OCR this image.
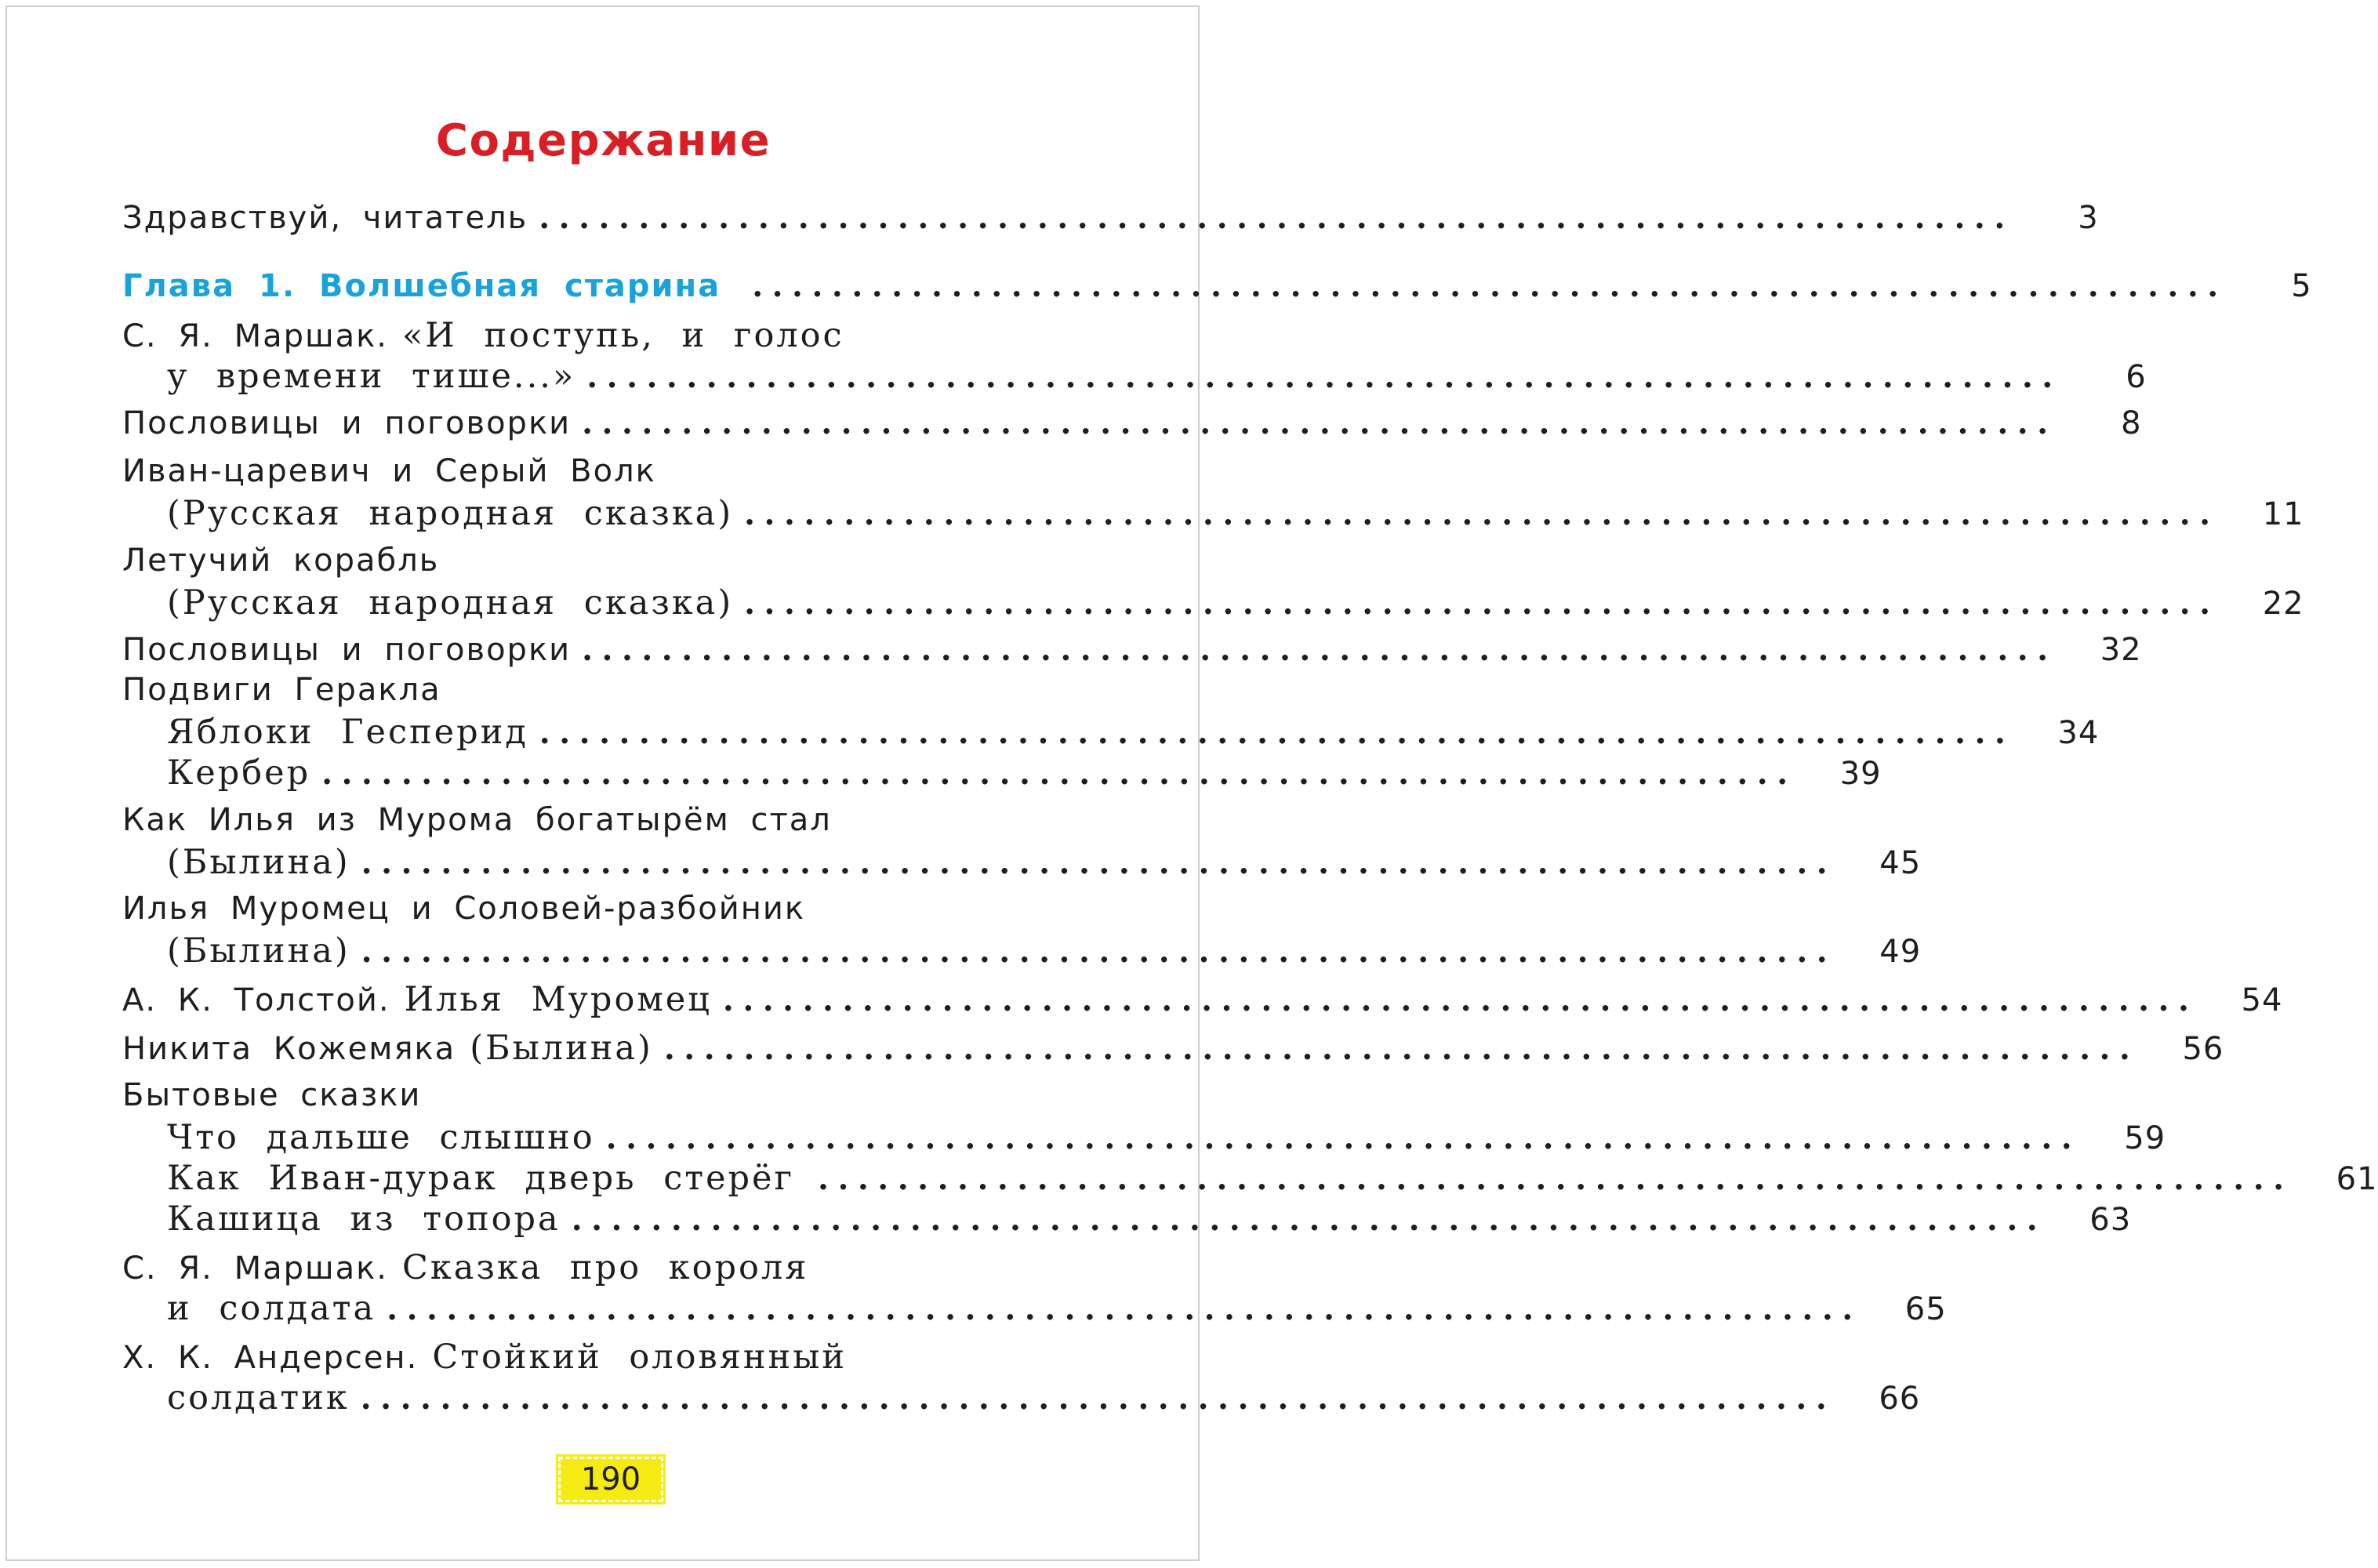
Содержание
Здравствуй, читатель ..........................................................................	3
Глава 1. Волшебная старина ..........................................................................	5
С. Я. Маршак. «И поступь, и голос
у времени тише...» ..........................................................................	6
Пословицы и поговорки ..........................................................................	8
Иван-царевич и Серый Волк
(Русская народная сказка) ..........................................................................	11
Летучий корабль
(Русская народная сказка) ..........................................................................	22
Пословицы и поговорки ..........................................................................	32
Подвиги Геракла
Яблоки Гесперид ..........................................................................	34
Кербер ..........................................................................	39
Как Илья из Мурома богатырём стал
(Былина) ..........................................................................	45
Илья Муромец и Соловей-разбойник
(Былина) ..........................................................................	49
А. К. Толстой. Илья Муромец ..........................................................................	54
Никита Кожемяка (Былина) ..........................................................................	56
Бытовые сказки
Что дальше слышно ..........................................................................	59
Как Иван-дурак дверь стерёг ..........................................................................	61
Кашица из топора ..........................................................................	63
С. Я. Маршак. Сказка про короля
и солдата ..........................................................................	65
Х. К. Андерсен. Стойкий оловянный
солдатик ..........................................................................	66
190
